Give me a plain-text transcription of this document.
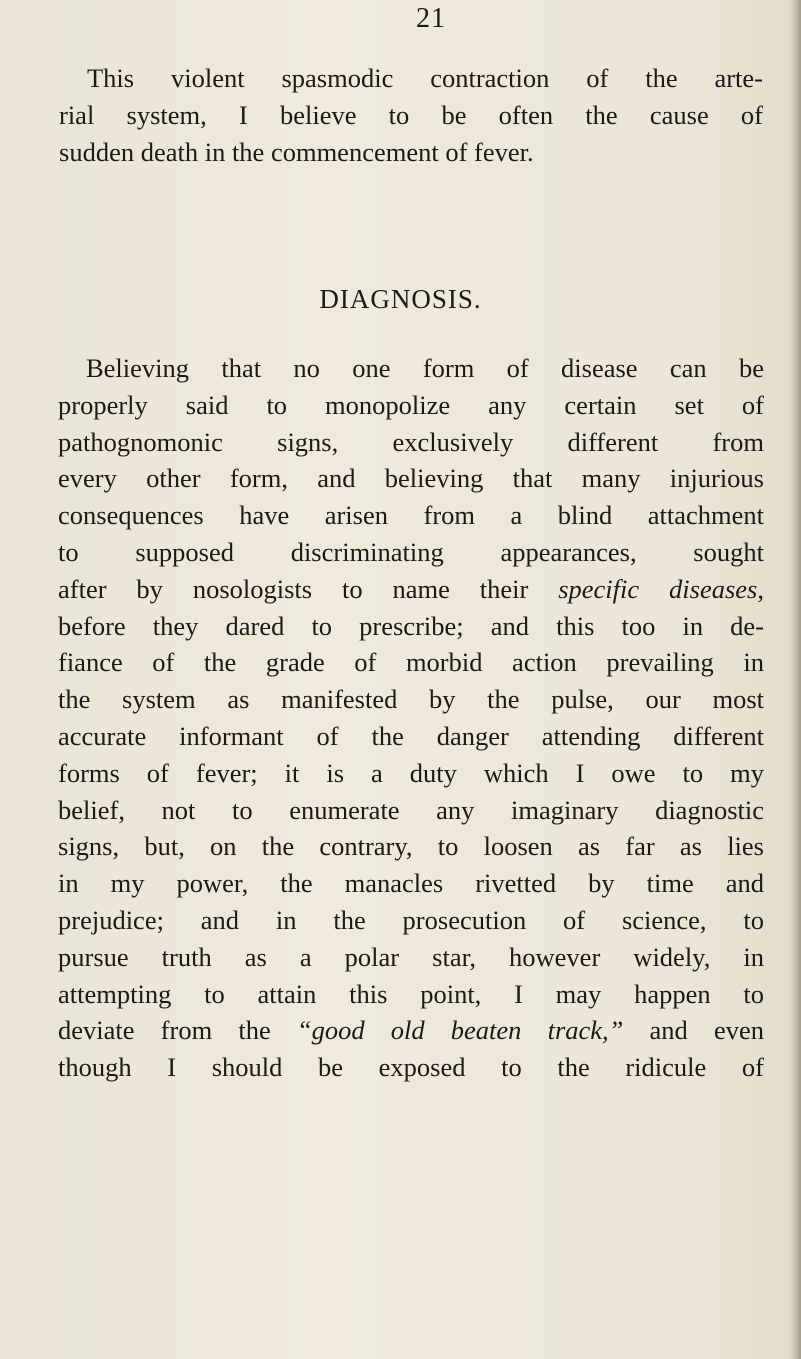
21
This violent spasmodic contraction of the arte-
rial system, I believe to be often the cause of
sudden death in the commencement of fever.
DIAGNOSIS.
Believing that no one form of disease can be
properly said to monopolize any certain set of
pathognomonic signs, exclusively different from
every other form, and believing that many injurious
consequences have arisen from a blind attachment
to supposed discriminating appearances, sought
after by nosologists to name their specific diseases,
before they dared to prescribe; and this too in de-
fiance of the grade of morbid action prevailing in
the system as manifested by the pulse, our most
accurate informant of the danger attending different
forms of fever; it is a duty which I owe to my
belief, not to enumerate any imaginary diagnostic
signs, but, on the contrary, to loosen as far as lies
in my power, the manacles rivetted by time and
prejudice; and in the prosecution of science, to
pursue truth as a polar star, however widely, in
attempting to attain this point, I may happen to
deviate from the “good old beaten track,” and even
though I should be exposed to the ridicule of
